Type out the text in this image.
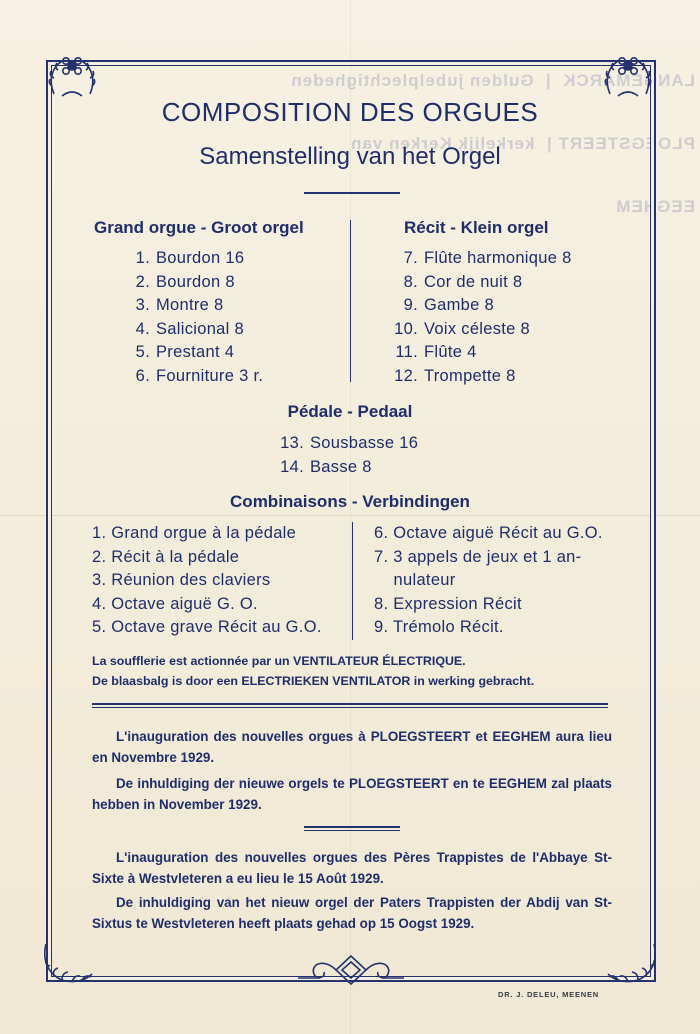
LANGEMARCK  |  Gulden jubelplechtigheden

PLOEGSTEERT |  kerkelijk Kerken van

EEGHEM

COMPOSITION DES ORGUES
Samenstelling van het Orgel
Grand orgue - Groot orgel
1. Bourdon 16
2. Bourdon 8
3. Montre 8
4. Salicional 8
5. Prestant 4
6. Fourniture 3 r.
Récit - Klein orgel
7. Flûte harmonique 8
8. Cor de nuit 8
9. Gambe 8
10. Voix céleste 8
11. Flûte 4
12. Trompette 8
Pédale - Pedaal
13. Sousbasse 16
14. Basse 8
Combinaisons - Verbindingen
1. Grand orgue à la pédale
2. Récit à la pédale
3. Réunion des claviers
4. Octave aiguë G. O.
5. Octave grave Récit au G.O.
6. Octave aiguë Récit au G.O.
7. 3 appels de jeux et 1 an-
nulateur
8. Expression Récit
9. Trémolo Récit.
La soufflerie est actionnée par un VENTILATEUR ÉLECTRIQUE.
De blaasbalg is door een ELECTRIEKEN VENTILATOR in werking gebracht.
L'inauguration des nouvelles orgues à PLOEGSTEERT et EEGHEM aura lieu en Novembre 1929.
De inhuldiging der nieuwe orgels te PLOEGSTEERT en te EEGHEM zal plaats hebben in November 1929.
L'inauguration des nouvelles orgues des Pères Trappistes de l'Abbaye St-Sixte à Westvleteren a eu lieu le 15 Août 1929.
De inhuldiging van het nieuw orgel der Paters Trappisten der Abdij van St-Sixtus te Westvleteren heeft plaats gehad op 15 Oogst 1929.
DR. J. DELEU, MEENEN
